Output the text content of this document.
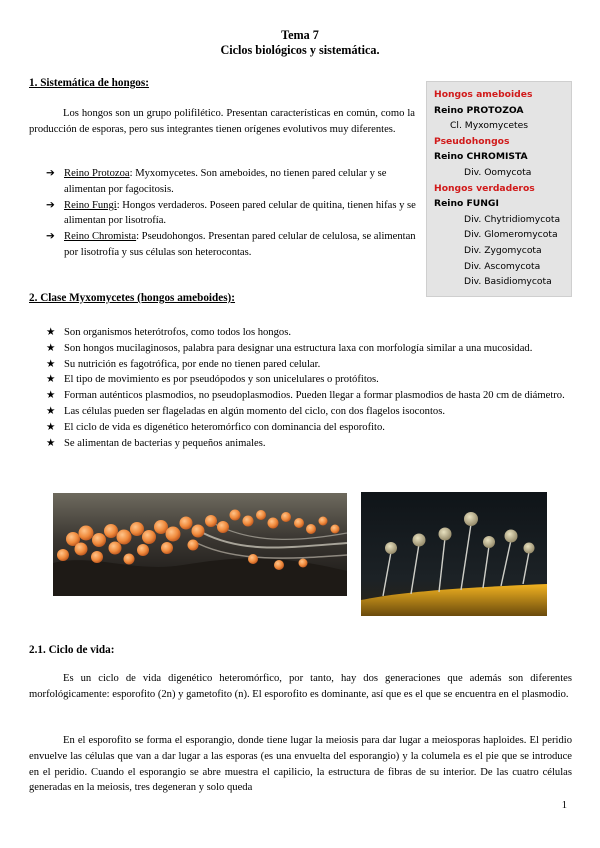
Tema 7
Ciclos biológicos y sistemática.
1. Sistemática de hongos:
Los hongos son un grupo polifilético. Presentan características en común, como la producción de esporas, pero sus integrantes tienen orígenes evolutivos muy diferentes.
➔ Reino Protozoa: Myxomycetes. Son ameboides, no tienen pared celular y se alimentan por fagocitosis.
➔ Reino Fungi: Hongos verdaderos. Poseen pared celular de quitina, tienen hifas y se alimentan por lisotrofía.
➔ Reino Chromista: Pseudohongos. Presentan pared celular de celulosa, se alimentan por lisotrofía y sus células son heterocontas.
Hongos ameboides
Reino PROTOZOA
Cl. Myxomycetes
Pseudohongos
Reino CHROMISTA
Div. Oomycota
Hongos verdaderos
Reino FUNGI
Div. Chytridiomycota
Div. Glomeromycota
Div. Zygomycota
Div. Ascomycota
Div. Basidiomycota
2. Clase Myxomycetes (hongos ameboides):
★ Son organismos heterótrofos, como todos los hongos.
★ Son hongos mucilaginosos, palabra para designar una estructura laxa con morfología similar a una mucosidad.
★ Su nutrición es fagotrófica, por ende no tienen pared celular.
★ El tipo de movimiento es por pseudópodos y son unicelulares o protófitos.
★ Forman auténticos plasmodios, no pseudoplasmodios. Pueden llegar a formar plasmodios de hasta 20 cm de diámetro.
★ Las células pueden ser flageladas en algún momento del ciclo, con dos flagelos isocontos.
★ El ciclo de vida es digenético heteromórfico con dominancia del esporofito.
★ Se alimentan de bacterias y pequeños animales.
2.1. Ciclo de vida:
Es un ciclo de vida digenético heteromórfico, por tanto, hay dos generaciones que además son diferentes morfológicamente: esporofito (2n) y gametofito (n). El esporofito es dominante, así que es el que se encuentra en el plasmodio.
En el esporofito se forma el esporangio, donde tiene lugar la meiosis para dar lugar a meiosporas haploides. El peridio envuelve las células que van a dar lugar a las esporas (es una envuelta del esporangio) y la columela es el pie que se introduce en el peridio. Cuando el esporangio se abre muestra el capilicio, la estructura de fibras de su interior. De las cuatro células generadas en la meiosis, tres degeneran y solo queda
1
